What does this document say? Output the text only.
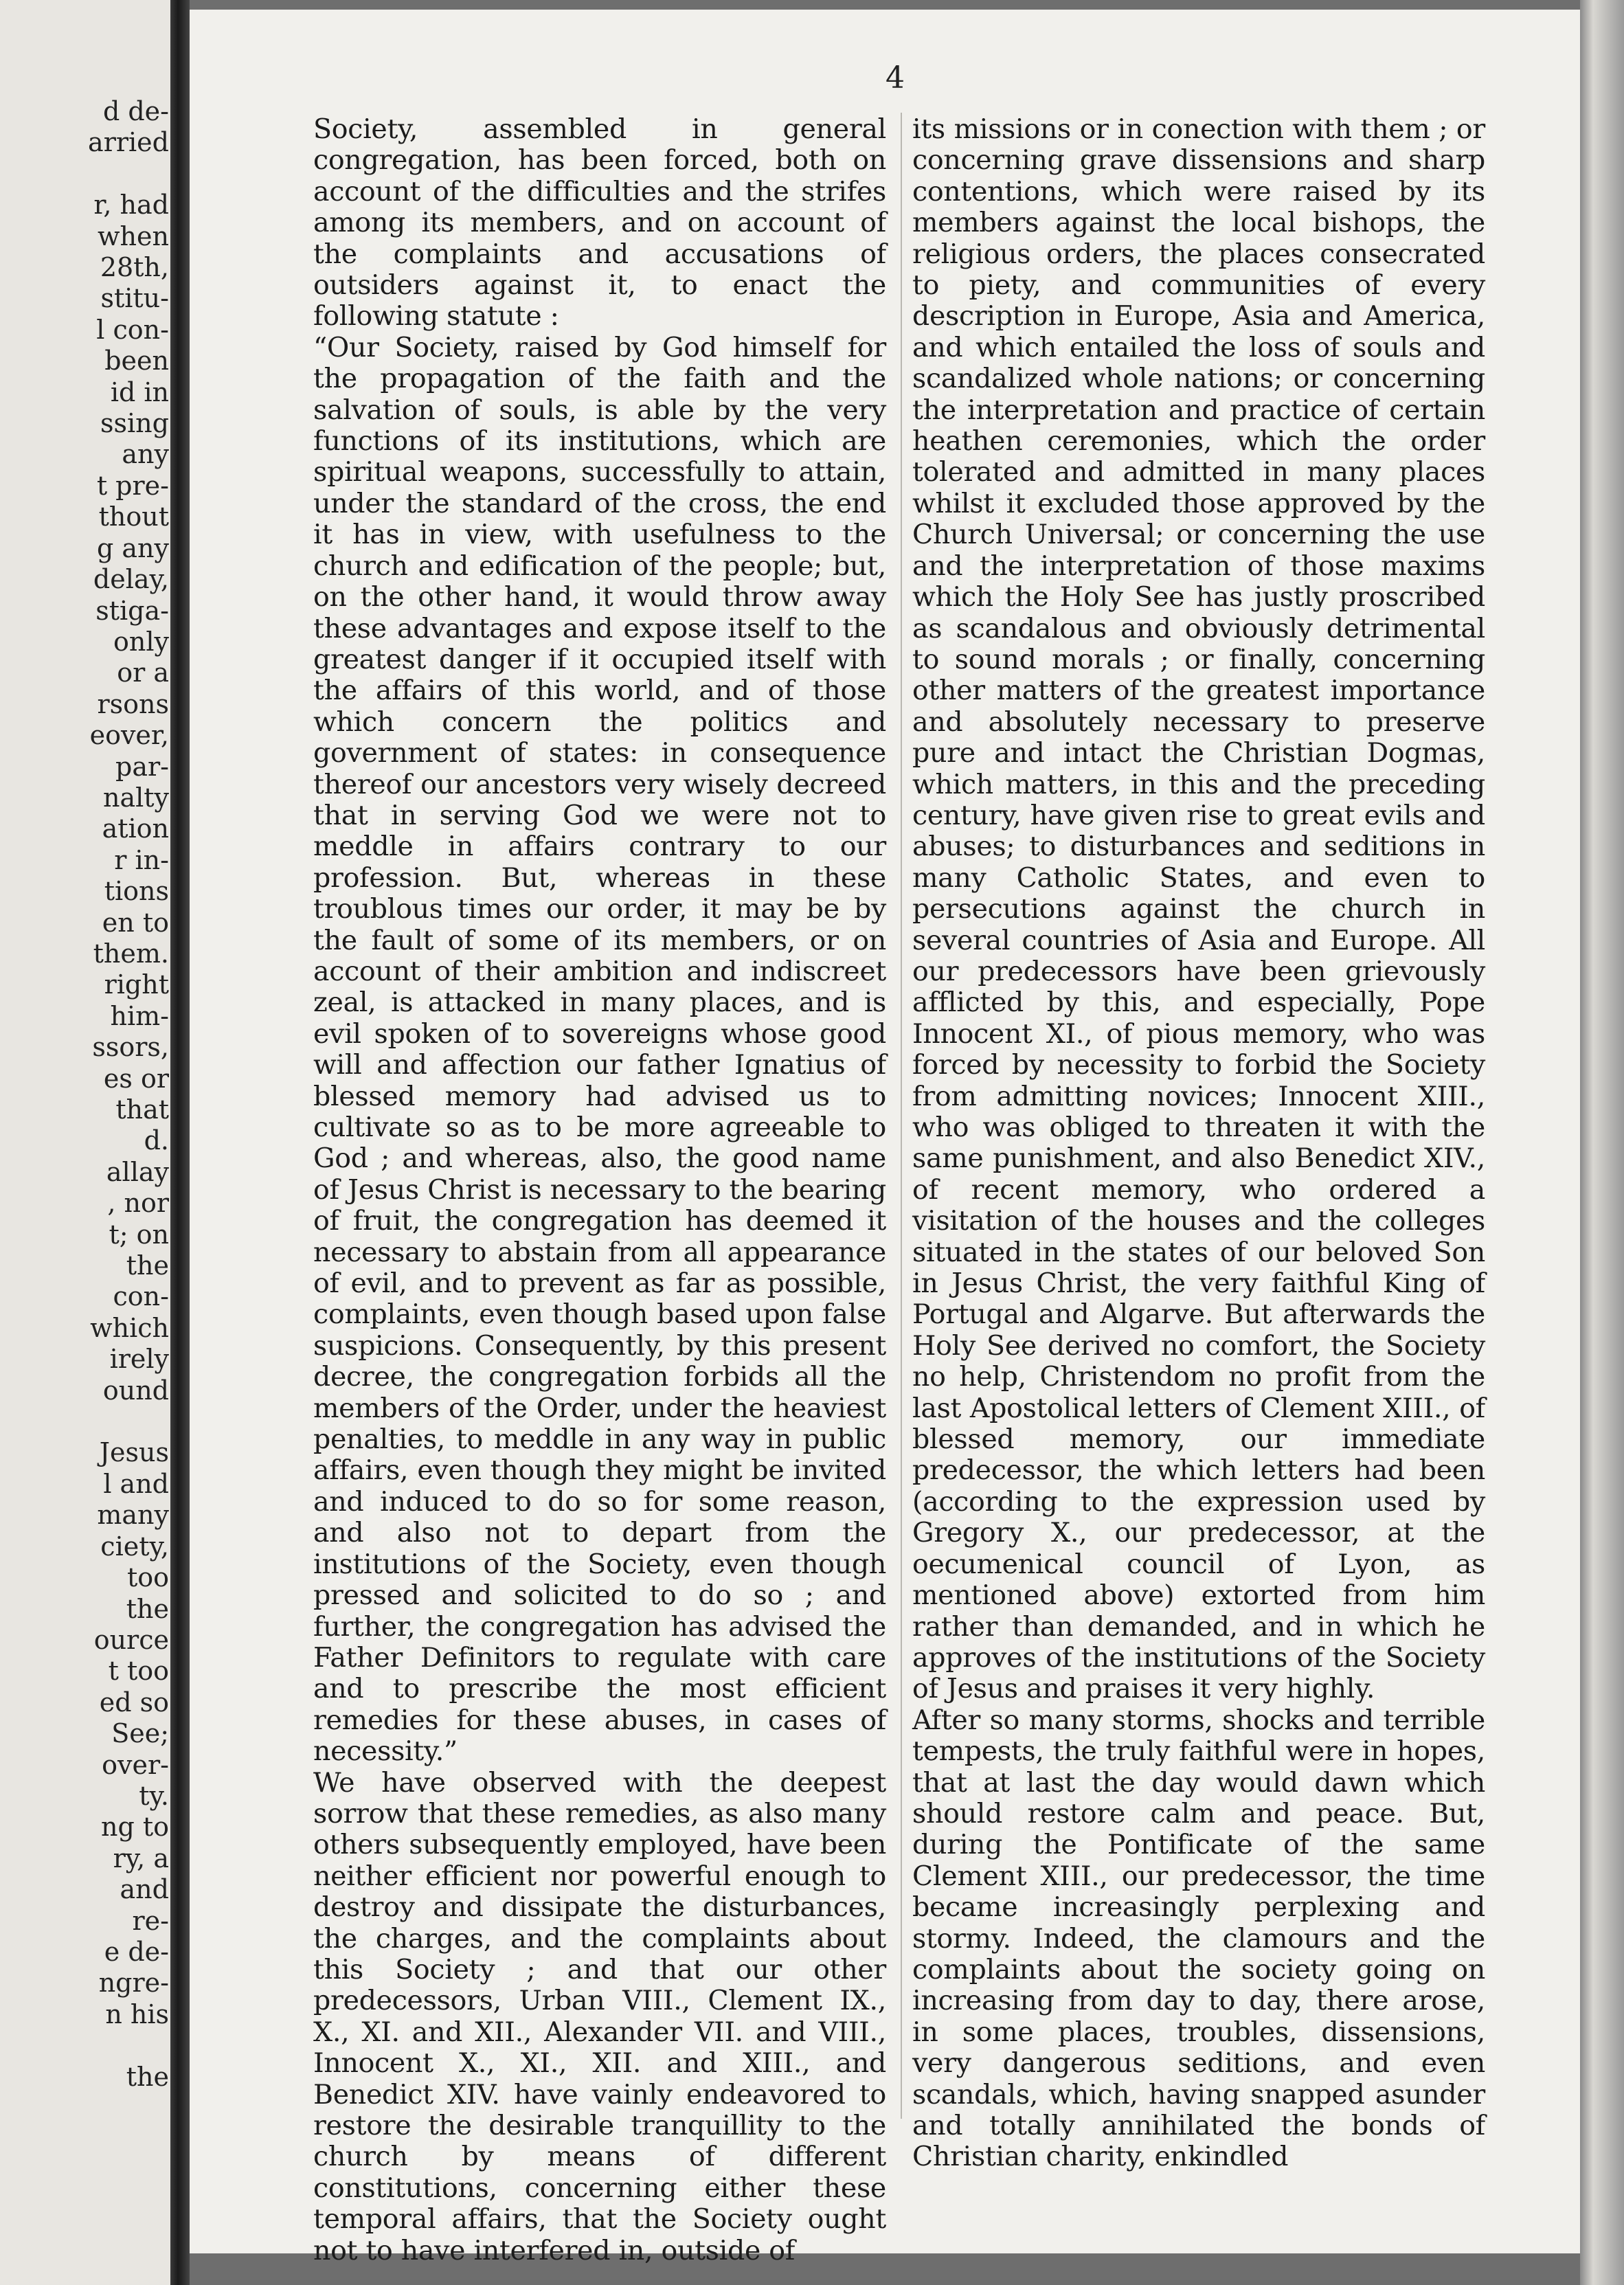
d de-
arried

r, had
when
28th,
stitu-
l con-
been
id in
ssing
any
t pre-
thout
g any
delay,
stiga-
only
or a
rsons
eover,
par-
nalty
ation
r in-
tions
en to
them.
right
him-
ssors,
es or
that
d.
allay
, nor
t; on
the
con-
which
irely
ound

Jesus
l and
many
ciety,
too
the
ource
t too
ed so
See;
over-
ty.
ng to
ry, a
and
re-
e de-
ngre-
n his

the
4
Society, assembled in general congregation, has been forced, both on account of the difficulties and the strifes among its members, and on account of the complaints and accusations of outsiders against it, to enact the following statute :
“Our Society, raised by God himself for the propagation of the faith and the salvation of souls, is able by the very functions of its institutions, which are spiritual weapons, successfully to attain, under the standard of the cross, the end it has in view, with usefulness to the church and edification of the people; but, on the other hand, it would throw away these advantages and expose itself to the greatest danger if it occupied itself with the affairs of this world, and of those which concern the politics and government of states: in consequence thereof our ancestors very wisely decreed that in serving God we were not to meddle in affairs contrary to our profession. But, whereas in these troublous times our order, it may be by the fault of some of its members, or on account of their ambition and indiscreet zeal, is attacked in many places, and is evil spoken of to sovereigns whose good will and affection our father Ignatius of blessed memory had advised us to cultivate so as to be more agreeable to God ; and whereas, also, the good name of Jesus Christ is necessary to the bearing of fruit, the congregation has deemed it necessary to abstain from all appearance of evil, and to prevent as far as possible, complaints, even though based upon false suspicions. Consequently, by this present decree, the congregation forbids all the members of the Order, under the heaviest penalties, to meddle in any way in public affairs, even though they might be invited and induced to do so for some reason, and also not to depart from the institutions of the Society, even though pressed and solicited to do so ; and further, the congregation has advised the Father Definitors to regulate with care and to prescribe the most efficient remedies for these abuses, in cases of necessity.”
We have observed with the deepest sorrow that these remedies, as also many others subsequently employed, have been neither efficient nor powerful enough to destroy and dissipate the disturbances, the charges, and the complaints about this Society ; and that our other predecessors, Urban VIII., Clement IX., X., XI. and XII., Alexander VII. and VIII., Innocent X., XI., XII. and XIII., and Benedict XIV. have vainly endeavored to restore the desirable tranquillity to the church by means of different constitutions, concerning either these temporal affairs, that the Society ought not to have interfered in, outside of
its missions or in conection with them ; or concerning grave dissensions and sharp contentions, which were raised by its members against the local bishops, the religious orders, the places consecrated to piety, and communities of every description in Europe, Asia and America, and which entailed the loss of souls and scandalized whole nations; or concerning the interpretation and practice of certain heathen ceremonies, which the order tolerated and admitted in many places whilst it excluded those approved by the Church Universal; or concerning the use and the interpretation of those maxims which the Holy See has justly proscribed as scandalous and obviously detrimental to sound morals ; or finally, concerning other matters of the greatest importance and absolutely necessary to preserve pure and intact the Christian Dogmas, which matters, in this and the preceding century, have given rise to great evils and abuses; to disturbances and seditions in many Catholic States, and even to persecutions against the church in several countries of Asia and Europe. All our predecessors have been grievously afflicted by this, and especially, Pope Innocent XI., of pious memory, who was forced by necessity to forbid the Society from admitting novices; Innocent XIII., who was obliged to threaten it with the same punishment, and also Benedict XIV., of recent memory, who ordered a visitation of the houses and the colleges situated in the states of our beloved Son in Jesus Christ, the very faithful King of Portugal and Algarve. But afterwards the Holy See derived no comfort, the Society no help, Christendom no profit from the last Apostolical letters of Clement XIII., of blessed memory, our immediate predecessor, the which letters had been (according to the expression used by Gregory X., our predecessor, at the oecumenical council of Lyon, as mentioned above) extorted from him rather than demanded, and in which he approves of the institutions of the Society of Jesus and praises it very highly.
After so many storms, shocks and terrible tempests, the truly faithful were in hopes, that at last the day would dawn which should restore calm and peace. But, during the Pontificate of the same Clement XIII., our predecessor, the time became increasingly perplexing and stormy. Indeed, the clamours and the complaints about the society going on increasing from day to day, there arose, in some places, troubles, dissensions, very dangerous seditions, and even scandals, which, having snapped asunder and totally annihilated the bonds of Christian charity, enkindled
